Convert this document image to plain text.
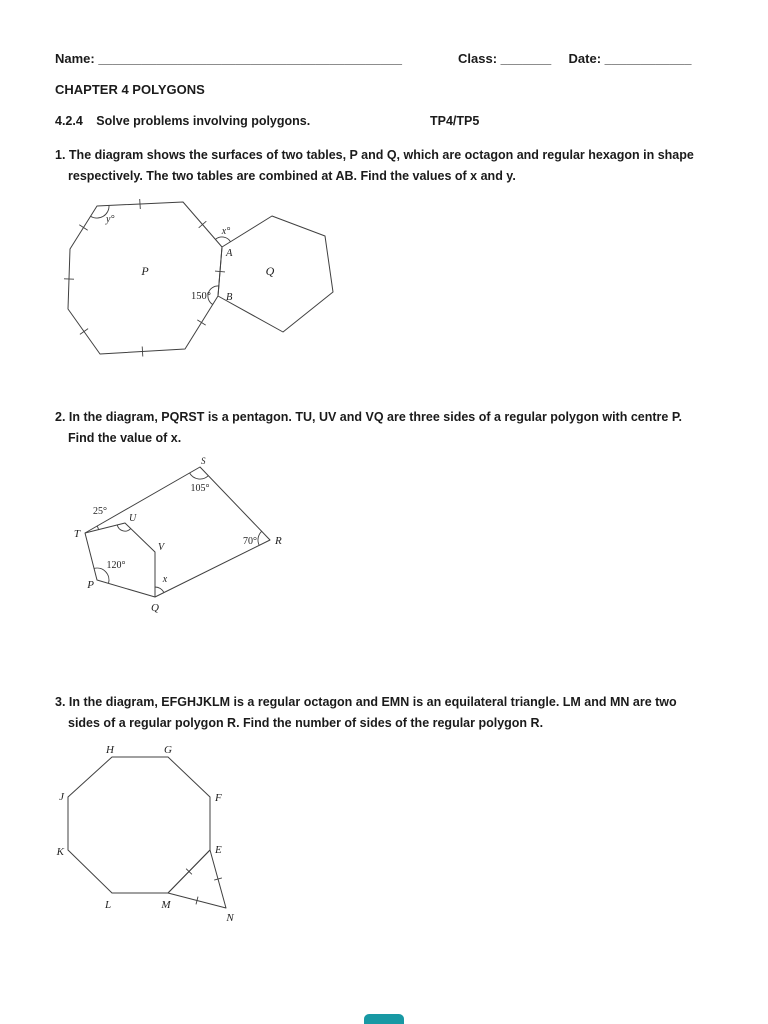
Name: __________________________________________	Class: _______ Date: ____________
CHAPTER 4 POLYGONS
4.2.4 Solve problems involving polygons.	TP4/TP5
1. The diagram shows the surfaces of two tables, P and Q, which are octagon and regular hexagon in shape
respectively. The two tables are combined at AB. Find the values of x and y.
y°
x°
150°
P	Q
A
B
2. In the diagram, PQRST is a pentagon. TU, UV and VQ are three sides of a regular polygon with centre P.
Find the value of x.
S
105°
25°
T
U
V
120°
P	x
Q
70° R
3. In the diagram, EFGHJKLM is a regular octagon and EMN is an equilateral triangle. LM and MN are two
sides of a regular polygon R. Find the number of sides of the regular polygon R.
H	G
J	F
K	E
L	M
N
